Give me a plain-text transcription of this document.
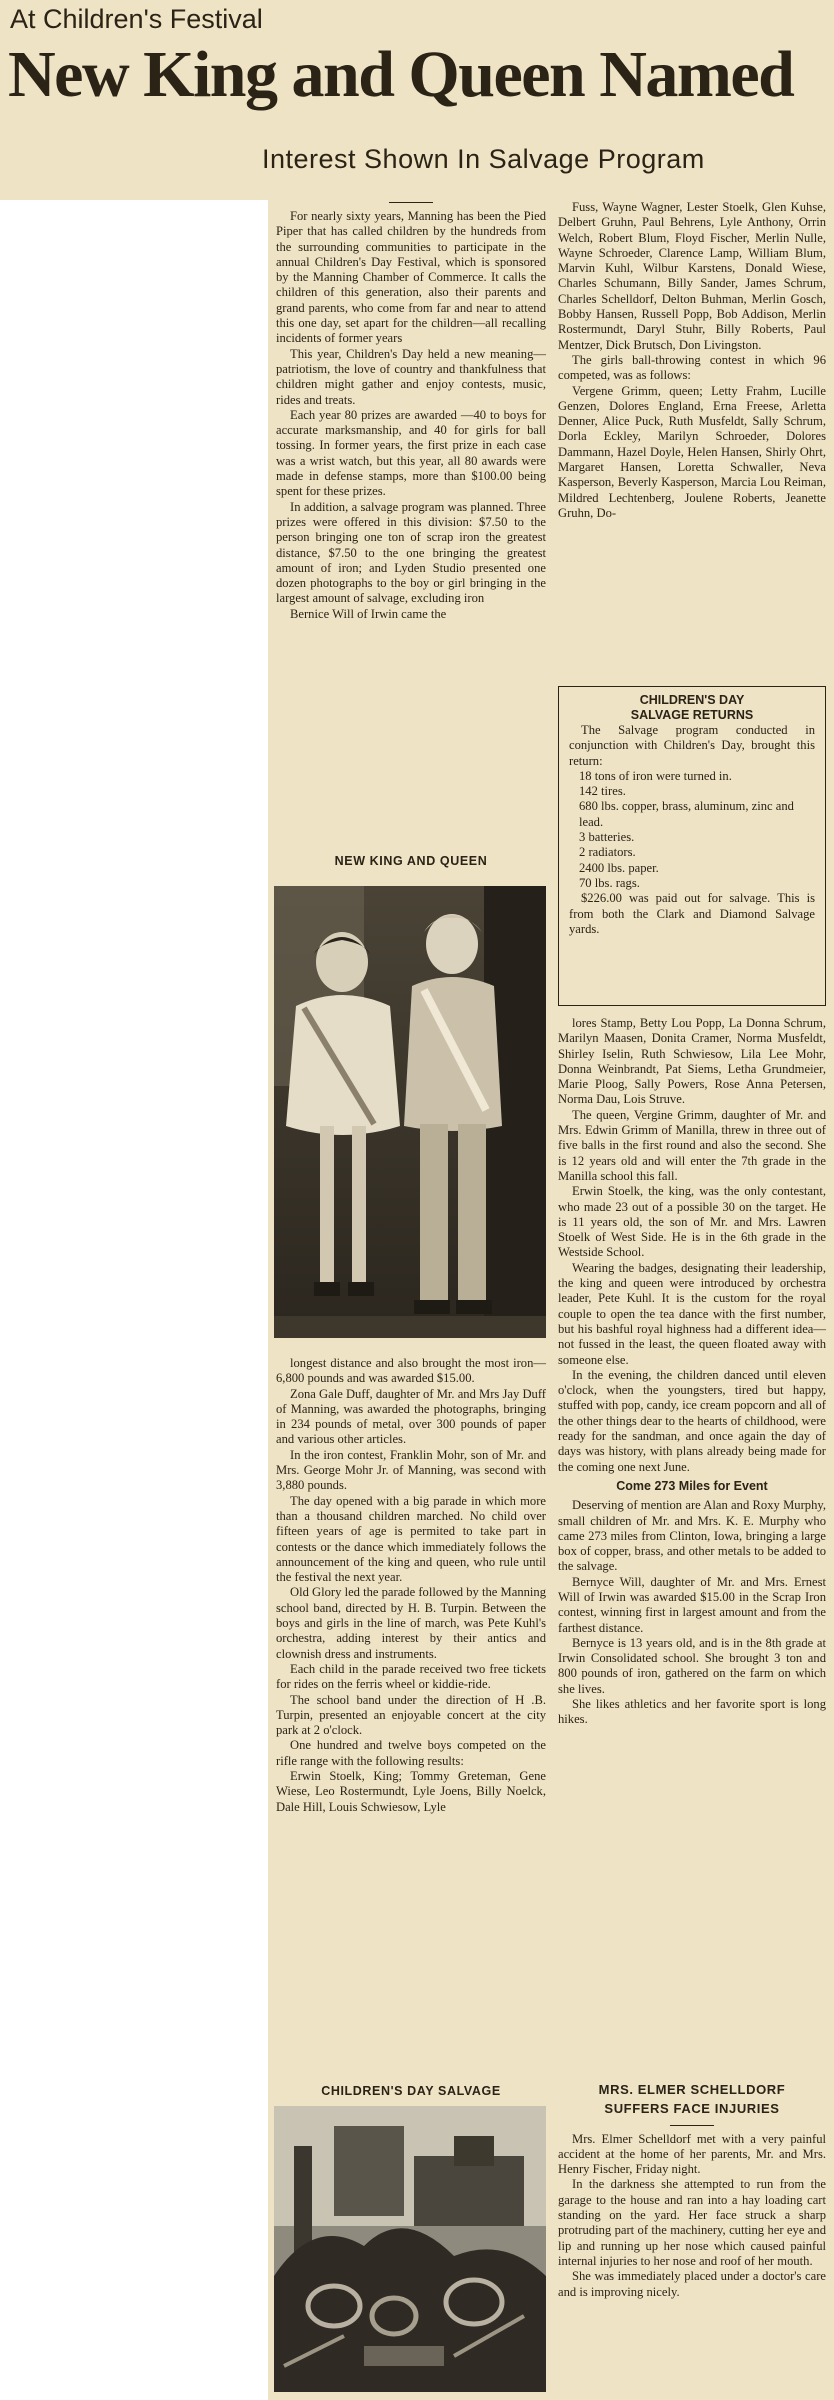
At Children's Festival
New King and Queen Named
Interest Shown In Salvage Program

For nearly sixty years, Manning has been the Pied Piper that has called children by the hundreds from the surrounding communities to participate in the annual Children's Day Festival, which is sponsored by the Manning Chamber of Commerce. It calls the children of this generation, also their parents and grand parents, who come from far and near to attend this one day, set apart for the children—all recalling incidents of former years

This year, Children's Day held a new meaning—patriotism, the love of country and thankfulness that children might gather and enjoy contests, music, rides and treats.

Each year 80 prizes are awarded —40 to boys for accurate marksmanship, and 40 for girls for ball tossing. In former years, the first prize in each case was a wrist watch, but this year, all 80 awards were made in defense stamps, more than $100.00 being spent for these prizes.

In addition, a salvage program was planned. Three prizes were offered in this division: $7.50 to the person bringing one ton of scrap iron the greatest distance, $7.50 to the one bringing the greatest amount of iron; and Lyden Studio presented one dozen photographs to the boy or girl bringing in the largest amount of salvage, excluding iron

Bernice Will of Irwin came the

NEW KING AND QUEEN

longest distance and also brought the most iron—6,800 pounds and was awarded $15.00.

Zona Gale Duff, daughter of Mr. and Mrs Jay Duff of Manning, was awarded the photographs, bringing in 234 pounds of metal, over 300 pounds of paper and various other articles.

In the iron contest, Franklin Mohr, son of Mr. and Mrs. George Mohr Jr. of Manning, was second with 3,880 pounds.

The day opened with a big parade in which more than a thousand children marched. No child over fifteen years of age is permited to take part in contests or the dance which immediately follows the announcement of the king and queen, who rule until the festival the next year.

Old Glory led the parade followed by the Manning school band, directed by H. B. Turpin. Between the boys and girls in the line of march, was Pete Kuhl's orchestra, adding interest by their antics and clownish dress and instruments.

Each child in the parade received two free tickets for rides on the ferris wheel or kiddie-ride.

The school band under the direction of H .B. Turpin, presented an enjoyable concert at the city park at 2 o'clock.

One hundred and twelve boys competed on the rifle range with the following results:

Erwin Stoelk, King; Tommy Greteman, Gene Wiese, Leo Rostermundt, Lyle Joens, Billy Noelck, Dale Hill, Louis Schwiesow, Lyle

CHILDREN'S DAY SALVAGE

Fuss, Wayne Wagner, Lester Stoelk, Glen Kuhse, Delbert Gruhn, Paul Behrens, Lyle Anthony, Orrin Welch, Robert Blum, Floyd Fischer, Merlin Nulle, Wayne Schroeder, Clarence Lamp, William Blum, Marvin Kuhl, Wilbur Karstens, Donald Wiese, Charles Schumann, Billy Sander, James Schrum, Charles Schelldorf, Delton Buhman, Merlin Gosch, Bobby Hansen, Russell Popp, Bob Addison, Merlin Rostermundt, Daryl Stuhr, Billy Roberts, Paul Mentzer, Dick Brutsch, Don Livingston.

The girls ball-throwing contest in which 96 competed, was as follows:

Vergene Grimm, queen; Letty Frahm, Lucille Genzen, Dolores England, Erna Freese, Arletta Denner, Alice Puck, Ruth Musfeldt, Sally Schrum, Dorla Eckley, Marilyn Schroeder, Dolores Dammann, Hazel Doyle, Helen Hansen, Shirly Ohrt, Margaret Hansen, Loretta Schwaller, Neva Kasperson, Beverly Kasperson, Marcia Lou Reiman, Mildred Lechtenberg, Joulene Roberts, Jeanette Gruhn, Do-

CHILDREN'S DAY
SALVAGE RETURNS

The Salvage program conducted in conjunction with Children's Day, brought this return:

18 tons of iron were turned in.
142 tires.
680 lbs. copper, brass, aluminum, zinc and lead.
3 batteries.
2 radiators.
2400 lbs. paper.
70 lbs. rags.

$226.00 was paid out for salvage. This is from both the Clark and Diamond Salvage yards.

lores Stamp, Betty Lou Popp, La Donna Schrum, Marilyn Maasen, Donita Cramer, Norma Musfeldt, Shirley Iselin, Ruth Schwiesow, Lila Lee Mohr, Donna Weinbrandt, Pat Siems, Letha Grundmeier, Marie Ploog, Sally Powers, Rose Anna Petersen, Norma Dau, Lois Struve.

The queen, Vergine Grimm, daughter of Mr. and Mrs. Edwin Grimm of Manilla, threw in three out of five balls in the first round and also the second. She is 12 years old and will enter the 7th grade in the Manilla school this fall.

Erwin Stoelk, the king, was the only contestant, who made 23 out of a possible 30 on the target. He is 11 years old, the son of Mr. and Mrs. Lawren Stoelk of West Side. He is in the 6th grade in the Westside School.

Wearing the badges, designating their leadership, the king and queen were introduced by orchestra leader, Pete Kuhl. It is the custom for the royal couple to open the tea dance with the first number, but his bashful royal highness had a different idea—not fussed in the least, the queen floated away with someone else.

In the evening, the children danced until eleven o'clock, when the youngsters, tired but happy, stuffed with pop, candy, ice cream popcorn and all of the other things dear to the hearts of childhood, were ready for the sandman, and once again the day of days was history, with plans already being made for the coming one next June.

Come 273 Miles for Event

Deserving of mention are Alan and Roxy Murphy, small children of Mr. and Mrs. K. E. Murphy who came 273 miles from Clinton, Iowa, bringing a large box of copper, brass, and other metals to be added to the salvage.

Bernyce Will, daughter of Mr. and Mrs. Ernest Will of Irwin was awarded $15.00 in the Scrap Iron contest, winning first in largest amount and from the farthest distance.

Bernyce is 13 years old, and is in the 8th grade at Irwin Consolidated school. She brought 3 ton and 800 pounds of iron, gathered on the farm on which she lives.

She likes athletics and her favorite sport is long hikes.

MRS. ELMER SCHELLDORF
SUFFERS FACE INJURIES

Mrs. Elmer Schelldorf met with a very painful accident at the home of her parents, Mr. and Mrs. Henry Fischer, Friday night.

In the darkness she attempted to run from the garage to the house and ran into a hay loading cart standing on the yard. Her face struck a sharp protruding part of the machinery, cutting her eye and lip and running up her nose which caused painful internal injuries to her nose and roof of her mouth.

She was immediately placed under a doctor's care and is improving nicely.
